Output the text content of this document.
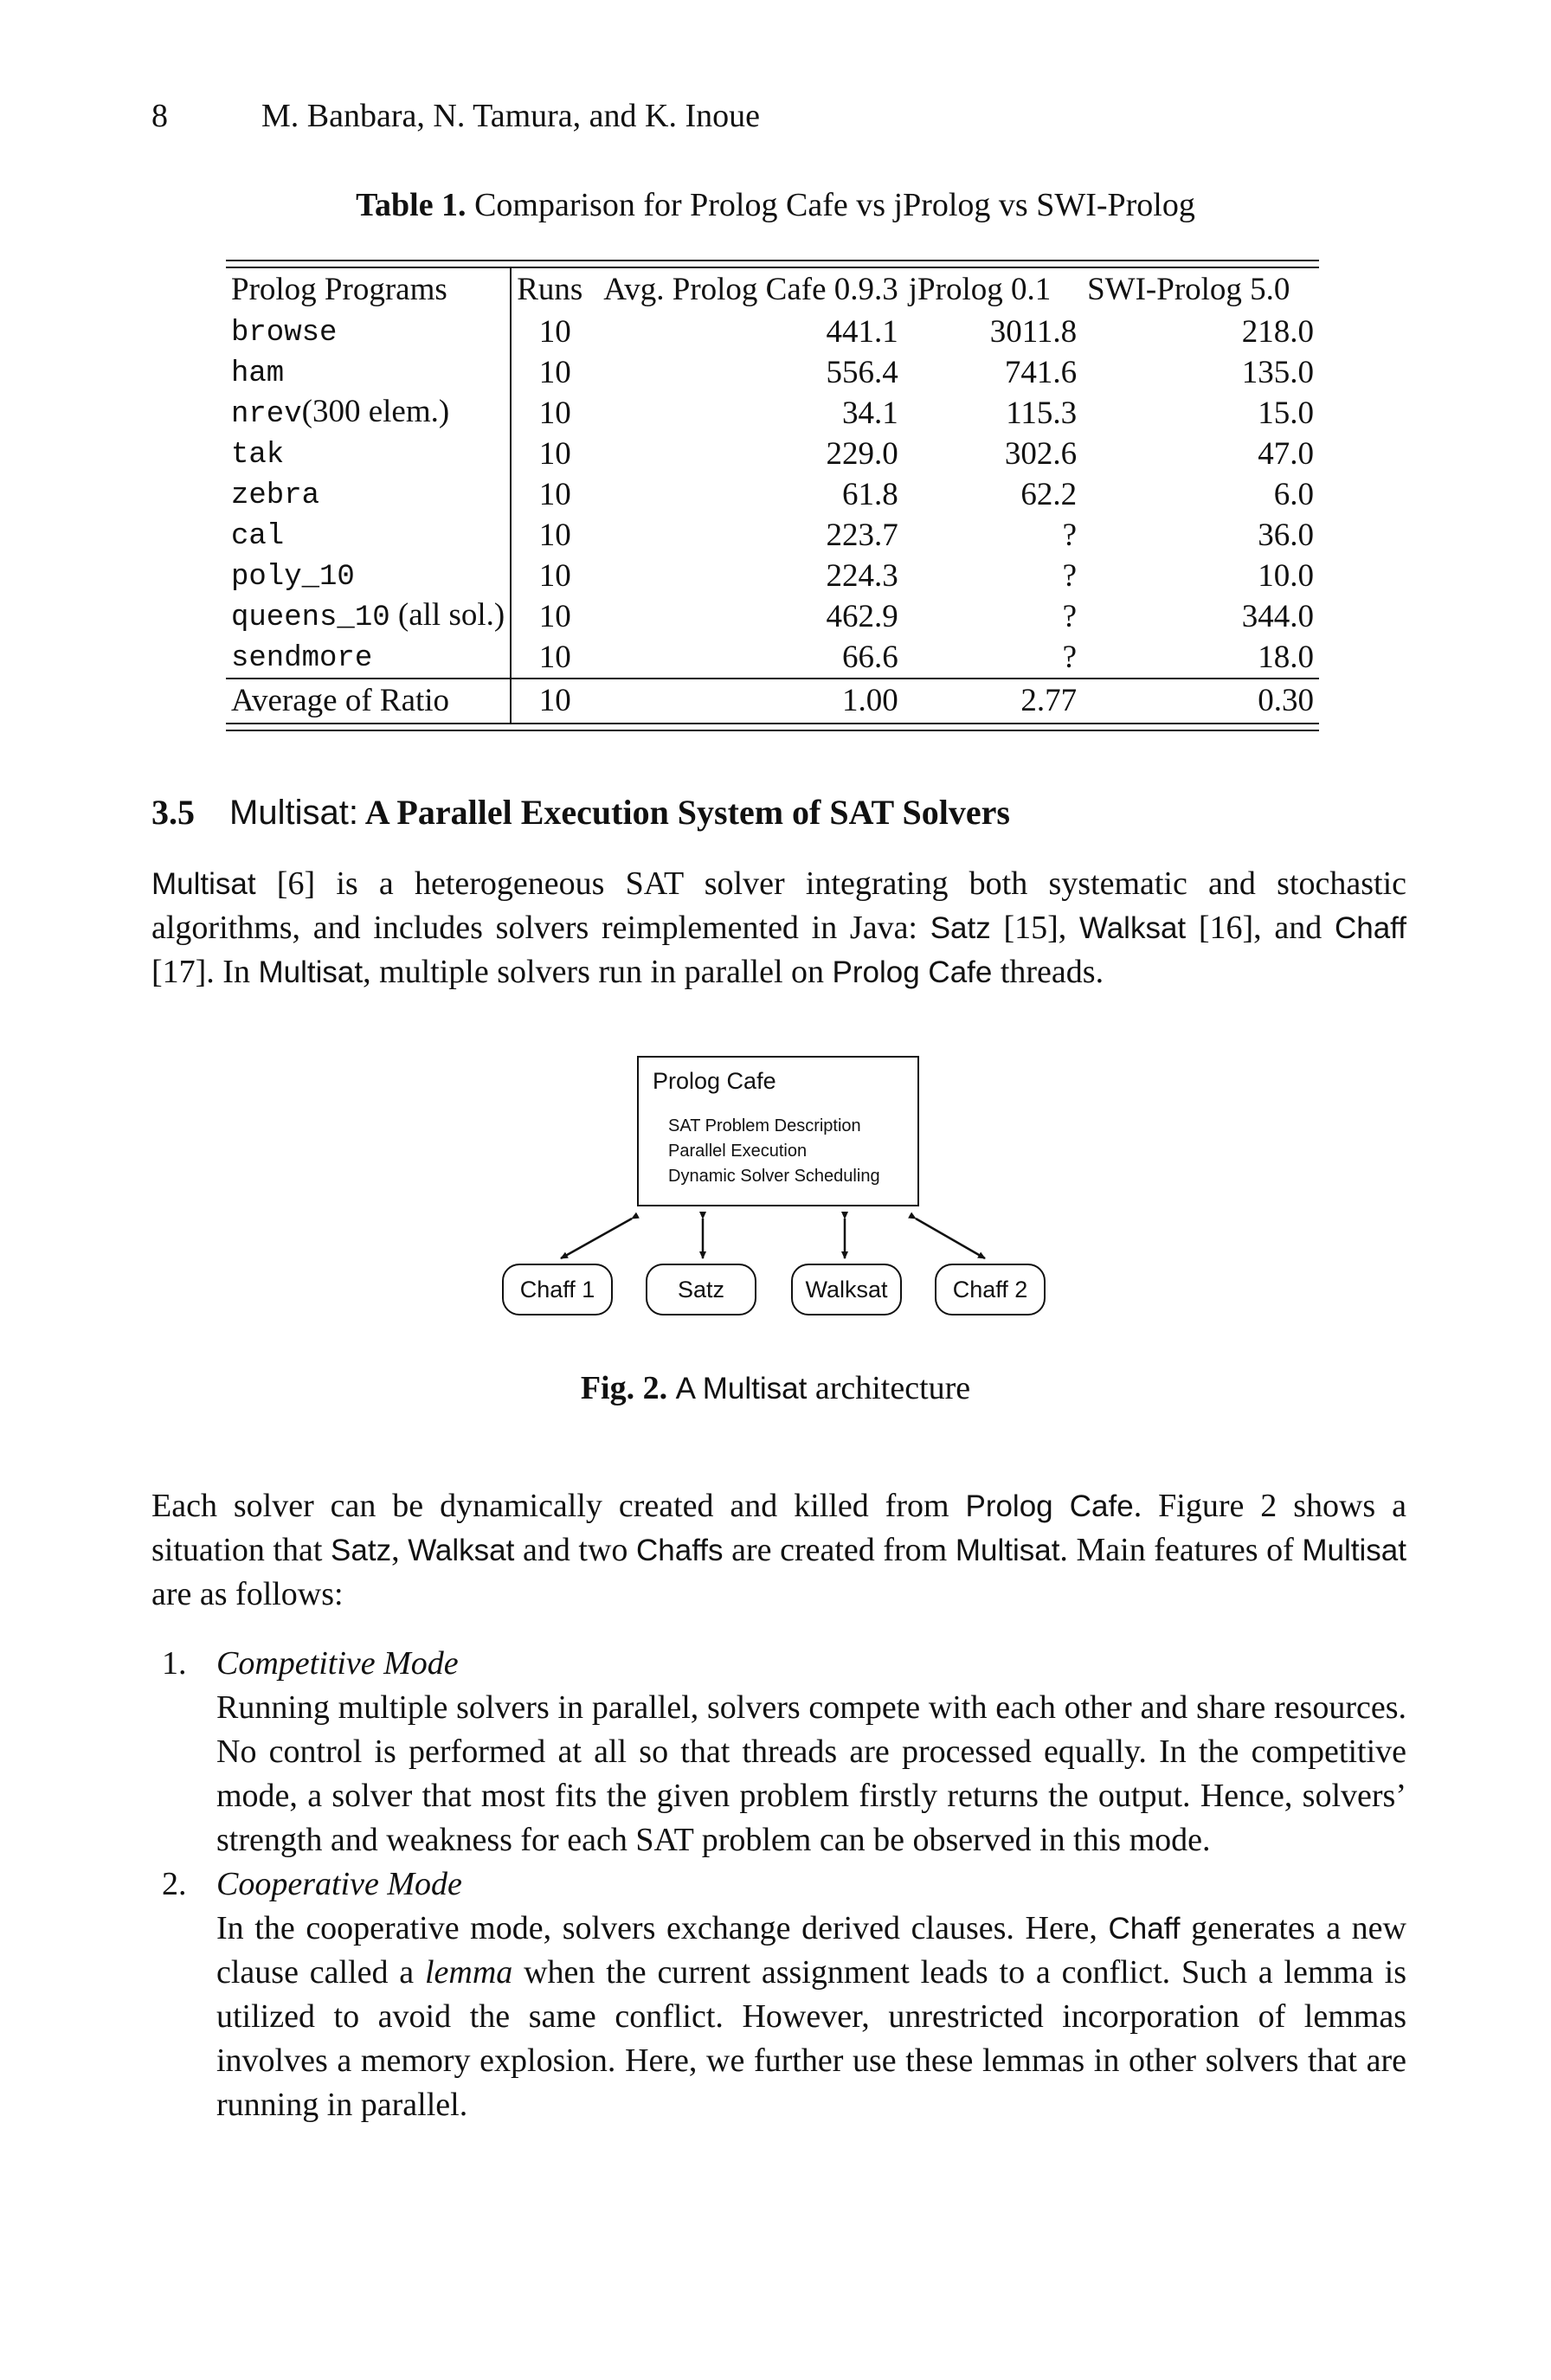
8	M. Banbara, N. Tamura, and K. Inoue
Table 1. Comparison for Prolog Cafe vs jProlog vs SWI-Prolog
Prolog Programs	Runs	Avg. Prolog Cafe 0.9.3	jProlog 0.1	SWI-Prolog 5.0
browse	10	441.1	3011.8	218.0
ham	10	556.4	741.6	135.0
nrev(300 elem.)	10	34.1	115.3	15.0
tak	10	229.0	302.6	47.0
zebra	10	61.8	62.2	6.0
cal	10	223.7	?	36.0
poly_10	10	224.3	?	10.0
queens_10 (all sol.)	10	462.9	?	344.0
sendmore	10	66.6	?	18.0
Average of Ratio	10	1.00	2.77	0.30
3.5 Multisat: A Parallel Execution System of SAT Solvers
Multisat [6] is a heterogeneous SAT solver integrating both systematic and stochastic algorithms, and includes solvers reimplemented in Java: Satz [15], Walksat [16], and Chaff [17]. In Multisat, multiple solvers run in parallel on Prolog Cafe threads.
Prolog Cafe
SAT Problem Description
Parallel Execution
Dynamic Solver Scheduling
Chaff 1	Satz	Walksat	Chaff 2
Fig. 2. A Multisat architecture
Each solver can be dynamically created and killed from Prolog Cafe. Figure 2 shows a situation that Satz, Walksat and two Chaffs are created from Multisat. Main features of Multisat are as follows:
1. Competitive Mode
Running multiple solvers in parallel, solvers compete with each other and share resources. No control is performed at all so that threads are processed equally. In the competitive mode, a solver that most fits the given problem firstly returns the output. Hence, solvers’ strength and weakness for each SAT problem can be observed in this mode.
2. Cooperative Mode
In the cooperative mode, solvers exchange derived clauses. Here, Chaff generates a new clause called a lemma when the current assignment leads to a conflict. Such a lemma is utilized to avoid the same conflict. However, unrestricted incorporation of lemmas involves a memory explosion. Here, we further use these lemmas in other solvers that are running in parallel.
